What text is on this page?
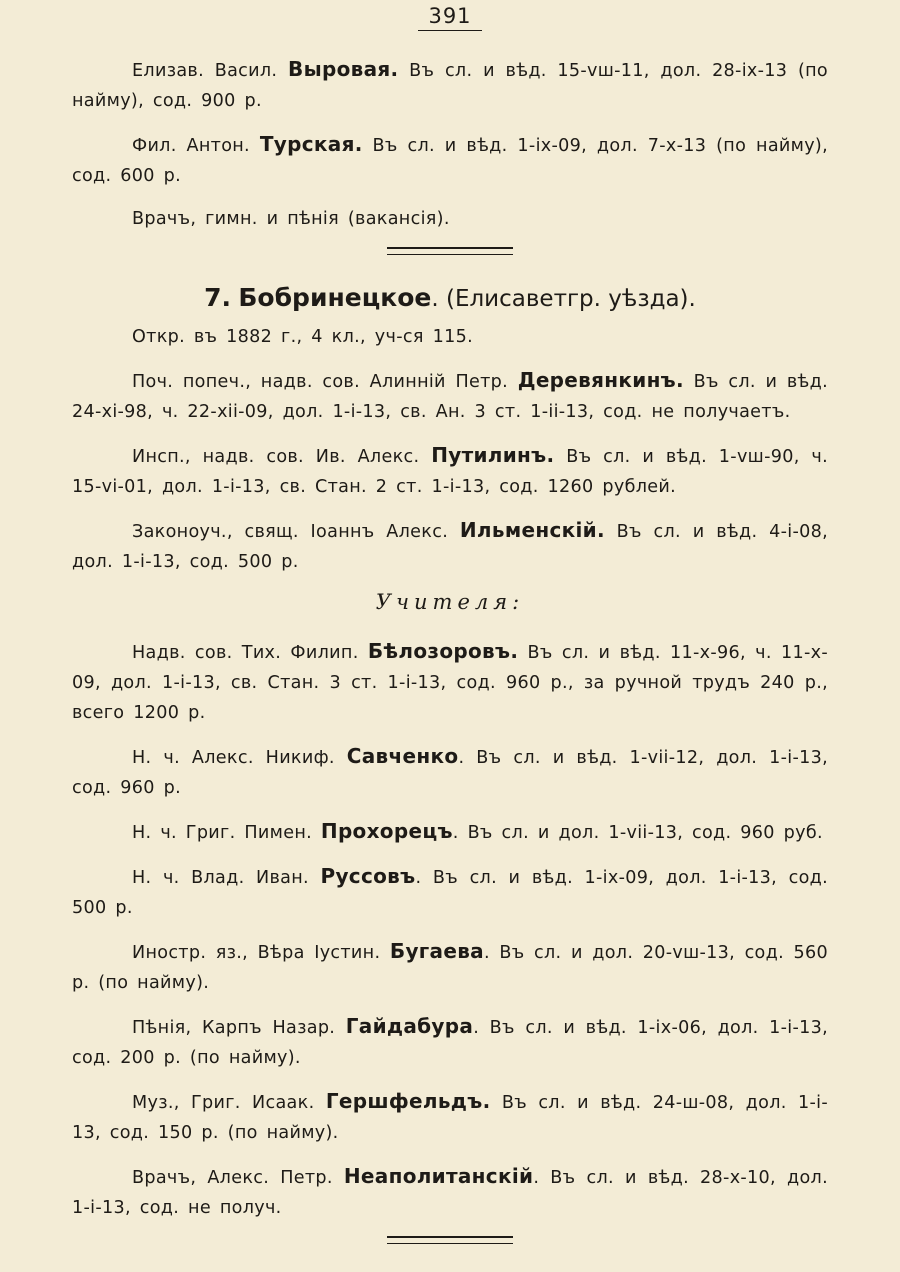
391

Елизав. Васил. Выровая. Въ сл. и вѣд. 15-vш-11, дол. 28-ix-13 (по найму), сод. 900 р.

Фил. Антон. Турская. Въ сл. и вѣд. 1-ix-09, дол. 7-x-13 (по найму), сод. 600 р.

Врачъ, гимн. и пѣнія (вакансія).

7. Бобринецкое. (Елисаветгр. уѣзда).

Откр. въ 1882 г., 4 кл., уч-ся 115.

Поч. попеч., надв. сов. Алинній Петр. Деревянкинъ. Въ сл. и вѣд. 24-xi-98, ч. 22-xii-09, дол. 1-i-13, св. Ан. 3 ст. 1-ii-13, сод. не получаетъ.

Инсп., надв. сов. Ив. Алекс. Путилинъ. Въ сл. и вѣд. 1-vш-90, ч. 15-vi-01, дол. 1-i-13, св. Стан. 2 ст. 1-i-13, сод. 1260 рублей.

Законоуч., свящ. Іоаннъ Алекс. Ильменскій. Въ сл. и вѣд. 4-i-08, дол. 1-i-13, сод. 500 р.

Учителя:

Надв. сов. Тих. Филип. Бѣлозоровъ. Въ сл. и вѣд. 11-x-96, ч. 11-x-09, дол. 1-i-13, св. Стан. 3 ст. 1-i-13, сод. 960 р., за ручной трудъ 240 р., всего 1200 р.

Н. ч. Алекс. Никиф. Савченко. Въ сл. и вѣд. 1-vii-12, дол. 1-i-13, сод. 960 р.

Н. ч. Григ. Пимен. Прохорецъ. Въ сл. и дол. 1-vii-13, сод. 960 руб.

Н. ч. Влад. Иван. Руссовъ. Въ сл. и вѣд. 1-ix-09, дол. 1-i-13, сод. 500 р.

Иностр. яз., Вѣра Іустин. Бугаева. Въ сл. и дол. 20-vш-13, сод. 560 р. (по найму).

Пѣнія, Карпъ Назар. Гайдабура. Въ сл. и вѣд. 1-ix-06, дол. 1-i-13, сод. 200 р. (по найму).

Муз., Григ. Исаак. Гершфельдъ. Въ сл. и вѣд. 24-ш-08, дол. 1-i-13, сод. 150 р. (по найму).

Врачъ, Алекс. Петр. Неаполитанскій. Въ сл. и вѣд. 28-x-10, дол. 1-i-13, сод. не получ.
